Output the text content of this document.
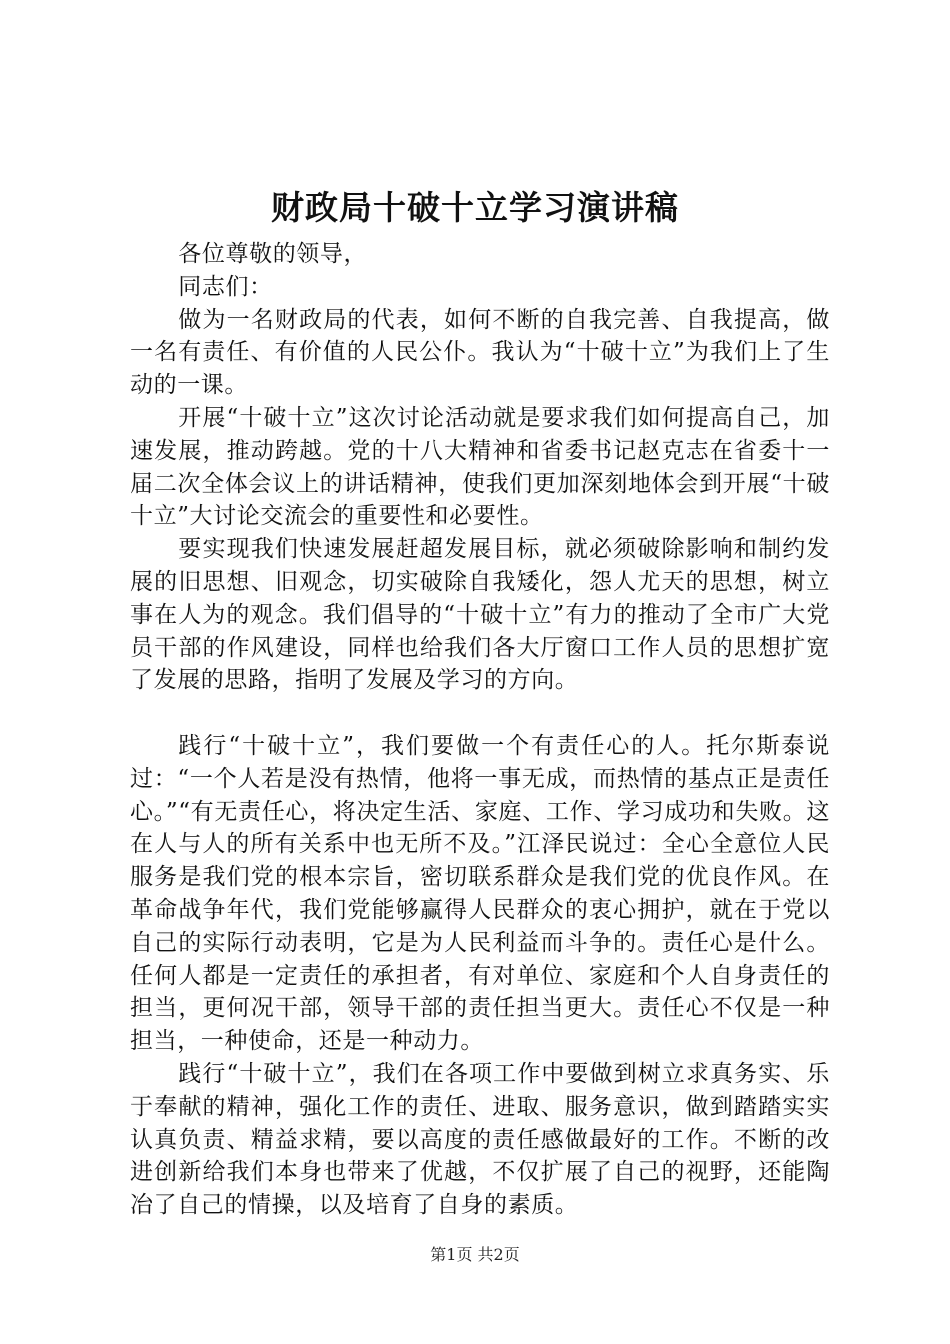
财政局十破十立学习演讲稿

各位尊敬的领导，

同志们：

做为一名财政局的代表，如何不断的自我完善、自我提高，做一名有责任、有价值的人民公仆。我认为“十破十立”为我们上了生动的一课。

开展“十破十立”这次讨论活动就是要求我们如何提高自己，加速发展，推动跨越。党的十八大精神和省委书记赵克志在省委十一届二次全体会议上的讲话精神，使我们更加深刻地体会到开展“十破十立”大讨论交流会的重要性和必要性。

要实现我们快速发展赶超发展目标，就必须破除影响和制约发展的旧思想、旧观念，切实破除自我矮化，怨人尤天的思想，树立事在人为的观念。我们倡导的“十破十立”有力的推动了全市广大党员干部的作风建设，同样也给我们各大厅窗口工作人员的思想扩宽了发展的思路，指明了发展及学习的方向。

践行“十破十立”，我们要做一个有责任心的人。托尔斯泰说过：“一个人若是没有热情，他将一事无成，而热情的基点正是责任心。”“有无责任心，将决定生活、家庭、工作、学习成功和失败。这在人与人的所有关系中也无所不及。”江泽民说过：全心全意位人民服务是我们党的根本宗旨，密切联系群众是我们党的优良作风。在革命战争年代，我们党能够赢得人民群众的衷心拥护，就在于党以自己的实际行动表明，它是为人民利益而斗争的。责任心是什么。任何人都是一定责任的承担者，有对单位、家庭和个人自身责任的担当，更何况干部，领导干部的责任担当更大。责任心不仅是一种担当，一种使命，还是一种动力。

践行“十破十立”，我们在各项工作中要做到树立求真务实、乐于奉献的精神，强化工作的责任、进取、服务意识，做到踏踏实实认真负责、精益求精，要以高度的责任感做最好的工作。不断的改进创新给我们本身也带来了优越，不仅扩展了自己的视野，还能陶冶了自己的情操，以及培育了自身的素质。

第1页 共2页
